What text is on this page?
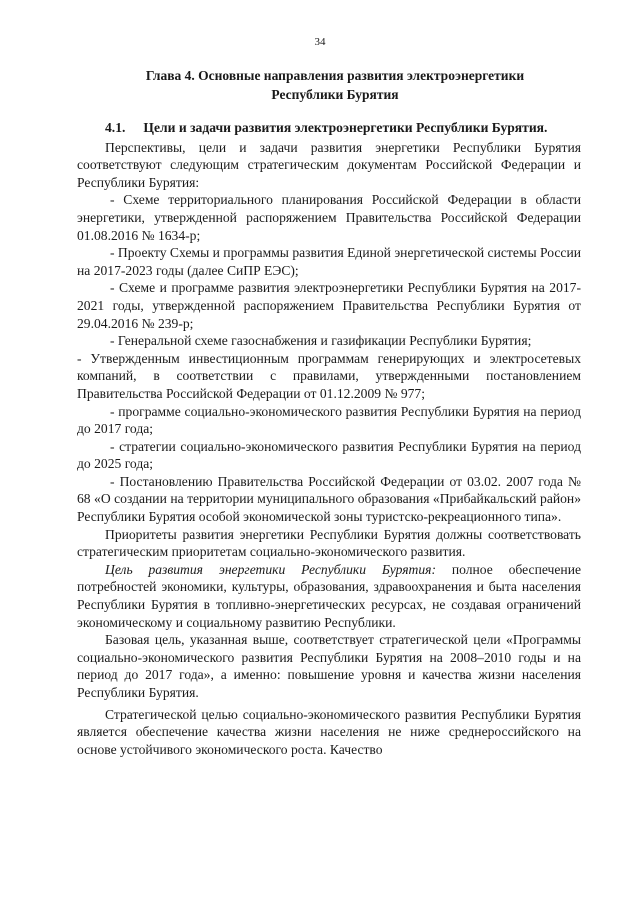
34
Глава 4. Основные направления развития электроэнергетики
Республики Бурятия

4.1. Цели и задачи развития электроэнергетики Республики Бурятия.

Перспективы, цели и задачи развития энергетики Республики Бурятия соответствуют следующим стратегическим документам Российской Федерации и Республики Бурятия:

- Схеме территориального планирования Российской Федерации в области энергетики, утвержденной распоряжением Правительства Российской Федерации 01.08.2016 № 1634-р;

- Проекту Схемы и программы развития Единой энергетической системы России на 2017-2023 годы (далее СиПР ЕЭС);

- Схеме и программе развития электроэнергетики Республики Бурятия на 2017-2021 годы, утвержденной распоряжением Правительства Республики Бурятия от 29.04.2016 № 239-р;

- Генеральной схеме газоснабжения и газификации Республики Бурятия;

- Утвержденным инвестиционным программам генерирующих и электросетевых компаний, в соответствии с правилами, утвержденными постановлением Правительства Российской Федерации от 01.12.2009 № 977;

- программе социально-экономического развития Республики Бурятия на период до 2017 года;

- стратегии социально-экономического развития Республики Бурятия на период до 2025 года;

- Постановлению Правительства Российской Федерации от 03.02. 2007 года № 68 «О создании на территории муниципального образования «Прибайкальский район» Республики Бурятия особой экономической зоны туристско-рекреационного типа».

Приоритеты развития энергетики Республики Бурятия должны соответствовать стратегическим приоритетам социально-экономического развития.

Цель развития энергетики Республики Бурятия: полное обеспечение потребностей экономики, культуры, образования, здравоохранения и быта населения Республики Бурятия в топливно-энергетических ресурсах, не создавая ограничений экономическому и социальному развитию Республики.

Базовая цель, указанная выше, соответствует стратегической цели «Программы социально-экономического развития Республики Бурятия на 2008–2010 годы и на период до 2017 года», а именно: повышение уровня и качества жизни населения Республики Бурятия.

Стратегической целью социально-экономического развития Республики Бурятия является обеспечение качества жизни населения не ниже среднероссийского на основе устойчивого экономического роста. Качество
